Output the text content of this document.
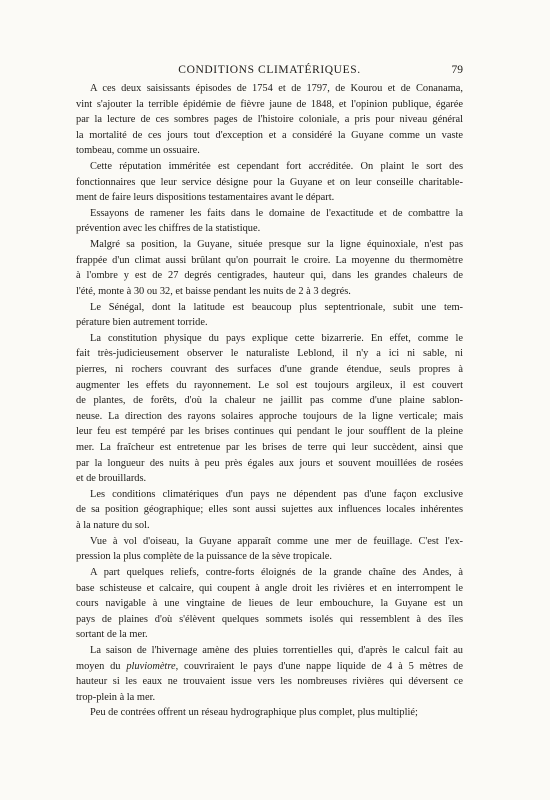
CONDITIONS CLIMATÉRIQUES.	79
A ces deux saisissants épisodes de 1754 et de 1797, de Kourou et de Conanama,
vint s'ajouter la terrible épidémie de fièvre jaune de 1848, et l'opinion publique, égarée
par la lecture de ces sombres pages de l'histoire coloniale, a pris pour niveau général
la mortalité de ces jours tout d'exception et a considéré la Guyane comme un vaste
tombeau, comme un ossuaire.
Cette réputation imméritée est cependant fort accréditée. On plaint le sort des
fonctionnaires que leur service désigne pour la Guyane et on leur conseille charitable-
ment de faire leurs dispositions testamentaires avant le départ.
Essayons de ramener les faits dans le domaine de l'exactitude et de combattre la
prévention avec les chiffres de la statistique.
Malgré sa position, la Guyane, située presque sur la ligne équinoxiale, n'est pas
frappée d'un climat aussi brûlant qu'on pourrait le croire. La moyenne du thermomètre
à l'ombre y est de 27 degrés centigrades, hauteur qui, dans les grandes chaleurs de
l'été, monte à 30 ou 32, et baisse pendant les nuits de 2 à 3 degrés.
Le Sénégal, dont la latitude est beaucoup plus septentrionale, subit une tem-
pérature bien autrement torride.
La constitution physique du pays explique cette bizarrerie. En effet, comme le
fait très-judicieusement observer le naturaliste Leblond, il n'y a ici ni sable, ni
pierres, ni rochers couvrant des surfaces d'une grande étendue, seuls propres à
augmenter les effets du rayonnement. Le sol est toujours argileux, il est couvert
de plantes, de forêts, d'où la chaleur ne jaillit pas comme d'une plaine sablon-
neuse. La direction des rayons solaires approche toujours de la ligne verticale; mais
leur feu est tempéré par les brises continues qui pendant le jour soufflent de la pleine
mer. La fraîcheur est entretenue par les brises de terre qui leur succèdent, ainsi que
par la longueur des nuits à peu près égales aux jours et souvent mouillées de rosées
et de brouillards.
Les conditions climatériques d'un pays ne dépendent pas d'une façon exclusive
de sa position géographique; elles sont aussi sujettes aux influences locales inhérentes
à la nature du sol.
Vue à vol d'oiseau, la Guyane apparaît comme une mer de feuillage. C'est l'ex-
pression la plus complète de la puissance de la sève tropicale.
A part quelques reliefs, contre-forts éloignés de la grande chaîne des Andes, à
base schisteuse et calcaire, qui coupent à angle droit les rivières et en interrompent le
cours navigable à une vingtaine de lieues de leur embouchure, la Guyane est un
pays de plaines d'où s'élèvent quelques sommets isolés qui ressemblent à des îles
sortant de la mer.
La saison de l'hivernage amène des pluies torrentielles qui, d'après le calcul fait au
moyen du pluviomètre, couvriraient le pays d'une nappe liquide de 4 à 5 mètres de
hauteur si les eaux ne trouvaient issue vers les nombreuses rivières qui déversent ce
trop-plein à la mer.
Peu de contrées offrent un réseau hydrographique plus complet, plus multiplié;
